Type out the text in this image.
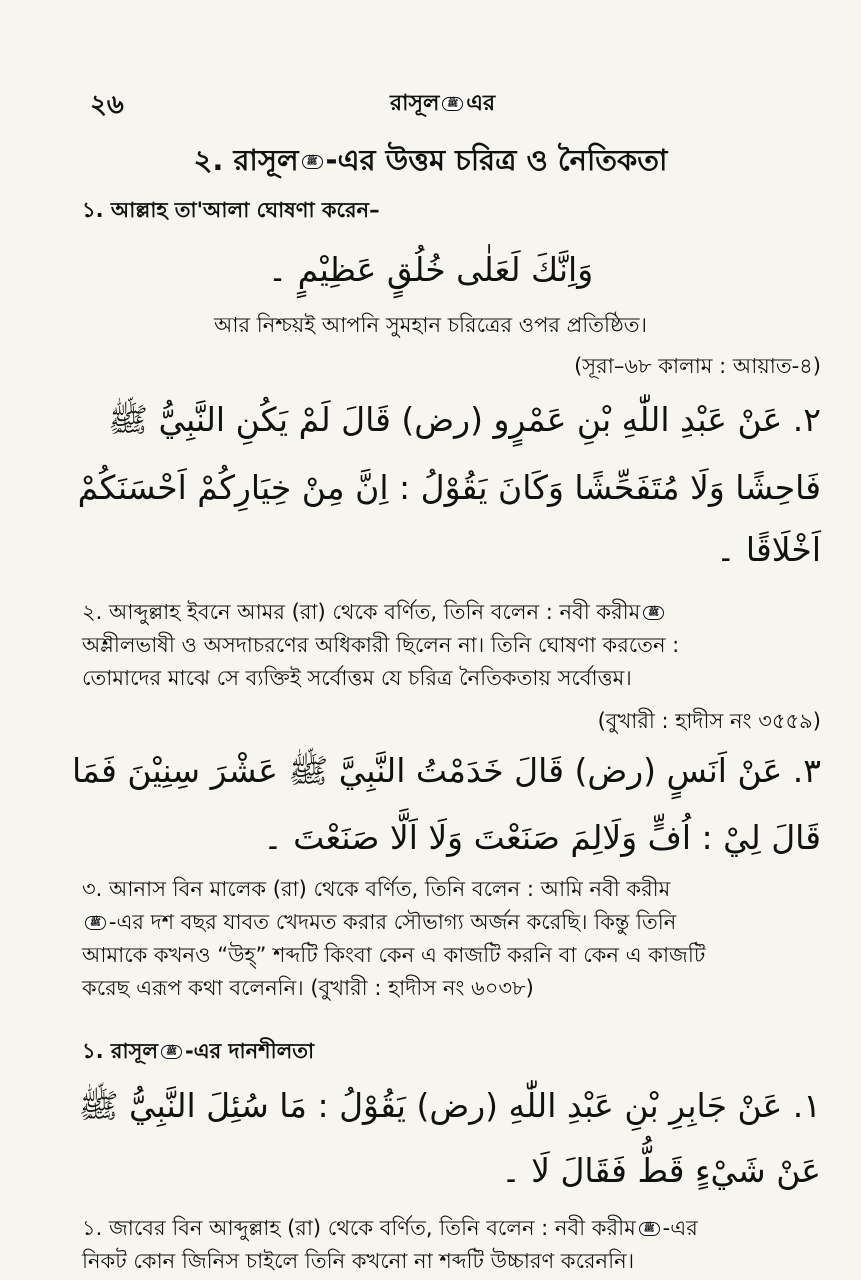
২৬	রাসূল ﷺ এর
২. রাসূল ﷺ -এর উত্তম চরিত্র ও নৈতিকতা
১. আল্লাহ তা'আলা ঘোষণা করেন–
وَاِنَّكَ لَعَلٰى خُلُقٍ عَظِيْمٍ ۔
আর নিশ্চয়ই আপনি সুমহান চরিত্রের ওপর প্রতিষ্ঠিত।
(সূরা–৬৮ কালাম : আয়াত-৪)
٢. عَنْ عَبْدِ اللّٰهِ بْنِ عَمْرٍو (رض) قَالَ لَمْ يَكُنِ النَّبِيُّ ﷺ
فَاحِشًا وَلَا مُتَفَحِّشًا وَكَانَ يَقُوْلُ : اِنَّ مِنْ خِيَارِكُمْ اَحْسَنَكُمْ
اَخْلَاقًا ۔

২. আব্দুল্লাহ ইবনে আমর (রা) থেকে বর্ণিত, তিনি বলেন : নবী করীম ﷺ

অশ্লীলভাষী ও অসদাচরণের অধিকারী ছিলেন না। তিনি ঘোষণা করতেন :

তোমাদের মাঝে সে ব্যক্তিই সর্বোত্তম যে চরিত্র নৈতিকতায় সর্বোত্তম।

(বুখারী : হাদীস নং ৩৫৫৯)
٣. عَنْ اَنَسٍ (رض) قَالَ خَدَمْتُ النَّبِيَّ ﷺ عَشْرَ سِنِيْنَ فَمَا
قَالَ لِيْ : اُفٍّ وَلَالِمَ صَنَعْتَ وَلَا اَلَّا صَنَعْتَ ۔

৩. আনাস বিন মালেক (রা) থেকে বর্ণিত, তিনি বলেন : আমি নবী করীম

ﷺ -এর দশ বছর যাবত খেদমত করার সৌভাগ্য অর্জন করেছি। কিন্তু তিনি

আমাকে কখনও “উহ্” শব্দটি কিংবা কেন এ কাজটি করনি বা কেন এ কাজটি

করেছ এরূপ কথা বলেননি। (বুখারী : হাদীস নং ৬০৩৮)

১. রাসূল ﷺ -এর দানশীলতা
١. عَنْ جَابِرِ بْنِ عَبْدِ اللّٰهِ (رض) يَقُوْلُ : مَا سُئِلَ النَّبِيُّ ﷺ
عَنْ شَيْءٍ قَطُّ فَقَالَ لَا ۔

১. জাবের বিন আব্দুল্লাহ (রা) থেকে বর্ণিত, তিনি বলেন : নবী করীম ﷺ -এর

নিকট কোন জিনিস চাইলে তিনি কখনো না শব্দটি উচ্চারণ করেননি।
